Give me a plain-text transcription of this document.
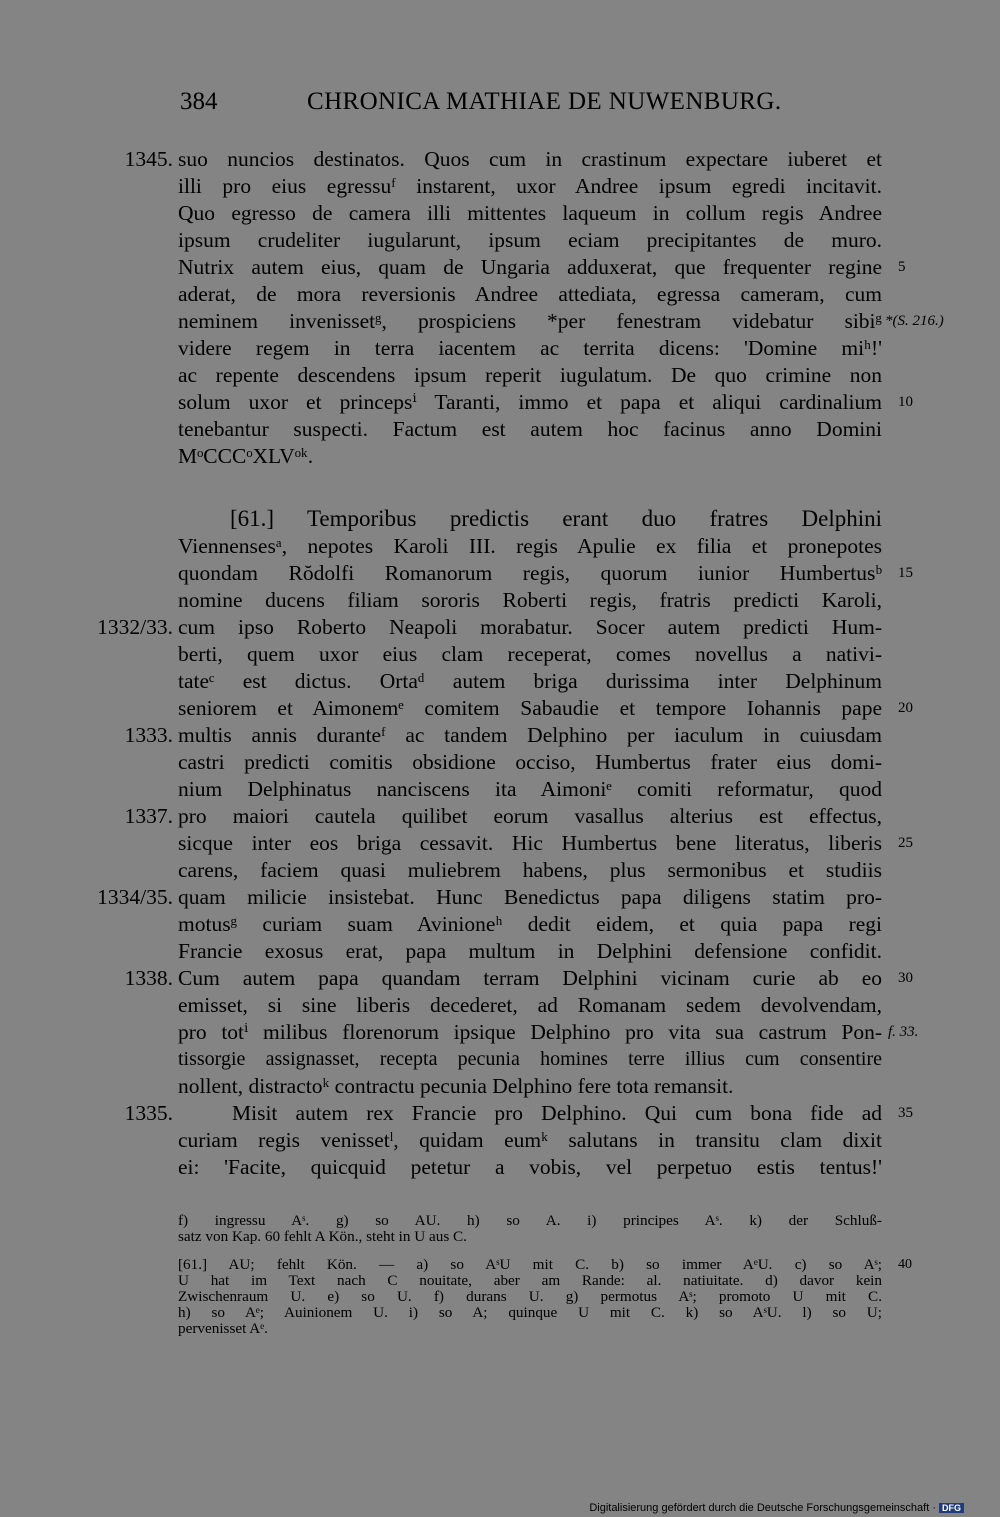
384	CHRONICA MATHIAE DE NUWENBURG.
suo nuncios destinatos. Quos cum in crastinum expectare iuberet et
illi pro eius egressuᶠ instarent, uxor Andree ipsum egredi incitavit.
Quo egresso de camera illi mittentes laqueum in collum regis Andree
ipsum crudeliter iugularunt, ipsum eciam precipitantes de muro.
Nutrix autem eius, quam de Ungaria adduxerat, que frequenter regine
aderat, de mora reversionis Andree attediata, egressa cameram, cum
neminem invenissetᵍ, prospiciens *per fenestram videbatur sibiᵍ
videre regem in terra iacentem ac territa dicens: 'Domine miʰ!'
ac repente descendens ipsum reperit iugulatum. De quo crimine non
solum uxor et princepsⁱ Taranti, immo et papa et aliqui cardinalium
tenebantur suspecti. Factum est autem hoc facinus anno Domini
MᵒCCCᵒXLVᵒᵏ.
[61.] Temporibus predictis erant duo fratres Delphini
Viennensesᵃ, nepotes Karoli III. regis Apulie ex filia et pronepotes
quondam Rŏdolfi Romanorum regis, quorum iunior Humbertusᵇ
nomine ducens filiam sororis Roberti regis, fratris predicti Karoli,
cum ipso Roberto Neapoli morabatur. Socer autem predicti Hum-
berti, quem uxor eius clam receperat, comes novellus a nativi-
tateᶜ est dictus. Ortaᵈ autem briga durissima inter Delphinum
seniorem et Aimonemᵉ comitem Sabaudie et tempore Iohannis pape
multis annis duranteᶠ ac tandem Delphino per iaculum in cuiusdam
castri predicti comitis obsidione occiso, Humbertus frater eius domi-
nium Delphinatus nanciscens ita Aimoniᵉ comiti reformatur, quod
pro maiori cautela quilibet eorum vasallus alterius est effectus,
sicque inter eos briga cessavit. Hic Humbertus bene literatus, liberis
carens, faciem quasi muliebrem habens, plus sermonibus et studiis
quam milicie insistebat. Hunc Benedictus papa diligens statim pro-
motusᵍ curiam suam Avinioneʰ dedit eidem, et quia papa regi
Francie exosus erat, papa multum in Delphini defensione confidit.
Cum autem papa quandam terram Delphini vicinam curie ab eo
emisset, si sine liberis decederet, ad Romanam sedem devolvendam,
pro totⁱ milibus florenorum ipsique Delphino pro vita sua castrum Pon-
tissorgie assignasset, recepta pecunia homines terre illius cum consentire
nollent, distractoᵏ contractu pecunia Delphino fere tota remansit.
Misit autem rex Francie pro Delphino. Qui cum bona fide ad
curiam regis venissetˡ, quidam eumᵏ salutans in transitu clam dixit
ei: 'Facite, quicquid petetur a vobis, vel perpetuo estis tentus!'
1345.
1332/33.
1333.
1337.
1334/35.
1338.
1335.
5
10
15
20
25
30
35
40
*(S. 216.)
f. 33.
f) ingressu Aˢ. g) so AU. h) so A. i) principes Aˢ. k) der Schluß-
satz von Kap. 60 fehlt A Kön., steht in U aus C.
[61.] AU; fehlt Kön. — a) so AˢU mit C. b) so immer AᵉU. c) so Aˢ;
U hat im Text nach C nouitate, aber am Rande: al. natiuitate. d) davor kein
Zwischenraum U. e) so U. f) durans U. g) permotus Aˢ; promoto U mit C.
h) so Aᵉ; Auinionem U. i) so A; quinque U mit C. k) so AˢU. l) so U;
pervenisset Aᵉ.
Digitalisierung gefördert durch die Deutsche Forschungsgemeinschaft · DFG
